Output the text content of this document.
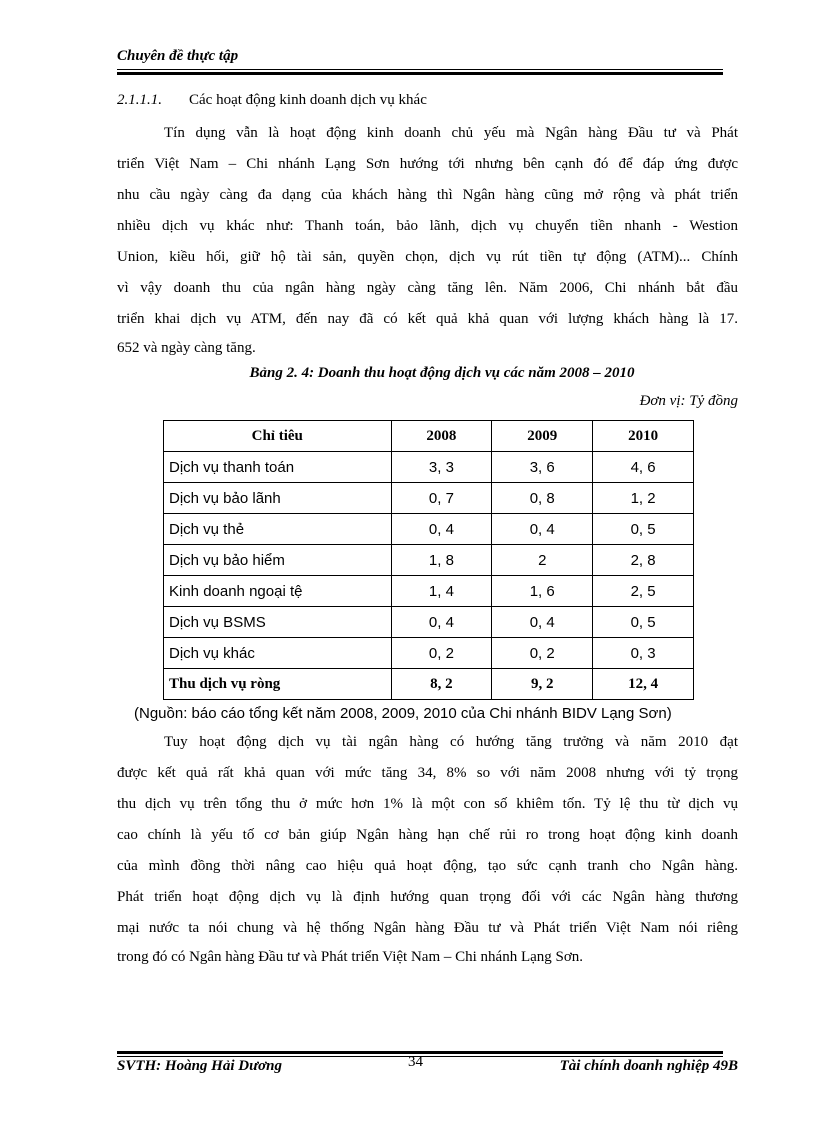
Chuyên đề thực tập
2.1.1.1. Các hoạt động kinh doanh dịch vụ khác
Tín dụng vẫn là hoạt động kinh doanh chủ yếu mà Ngân hàng Đầu tư và Phát
triển Việt Nam – Chi nhánh Lạng Sơn hướng tới nhưng bên cạnh đó để đáp ứng được
nhu cầu ngày càng đa dạng của khách hàng thì Ngân hàng cũng mở rộng và phát triển
nhiều dịch vụ khác như: Thanh toán, bảo lãnh, dịch vụ chuyển tiền nhanh - Westion
Union, kiều hối, giữ hộ tài sản, quyền chọn, dịch vụ rút tiền tự động (ATM)... Chính
vì vậy doanh thu của ngân hàng ngày càng tăng lên. Năm 2006, Chi nhánh bắt đầu
triển khai dịch vụ ATM, đến nay đã có kết quả khả quan với lượng khách hàng là 17.
652 và ngày càng tăng.
Bảng 2. 4: Doanh thu hoạt động dịch vụ các năm 2008 – 2010
Đơn vị: Tỷ đồng
Chỉ tiêu	2008	2009	2010
Dịch vụ thanh toán	3, 3	3, 6	4, 6
Dịch vụ bảo lãnh	0, 7	0, 8	1, 2
Dịch vụ thẻ	0, 4	0, 4	0, 5
Dịch vụ bảo hiểm	1, 8	2	2, 8
Kinh doanh ngoại tệ	1, 4	1, 6	2, 5
Dịch vụ BSMS	0, 4	0, 4	0, 5
Dịch vụ khác	0, 2	0, 2	0, 3
Thu dịch vụ ròng	8, 2	9, 2	12, 4
(Nguồn: báo cáo tổng kết năm 2008, 2009, 2010 của Chi nhánh BIDV Lạng Sơn)
Tuy hoạt động dịch vụ tài ngân hàng có hướng tăng trưởng và năm 2010 đạt
được kết quả rất khả quan với mức tăng 34, 8% so với năm 2008 nhưng với tỷ trọng
thu dịch vụ trên tổng thu ở mức hơn 1% là một con số khiêm tốn. Tỷ lệ thu từ dịch vụ
cao chính là yếu tố cơ bản giúp Ngân hàng hạn chế rủi ro trong hoạt động kinh doanh
của mình đồng thời nâng cao hiệu quả hoạt động, tạo sức cạnh tranh cho Ngân hàng.
Phát triển hoạt động dịch vụ là định hướng quan trọng đối với các Ngân hàng thương
mại nước ta nói chung và hệ thống Ngân hàng Đầu tư và Phát triển Việt Nam nói riêng
trong đó có Ngân hàng Đầu tư và Phát triển Việt Nam – Chi nhánh Lạng Sơn.
SVTH: Hoàng Hải Dương	34	Tài chính doanh nghiệp 49B
